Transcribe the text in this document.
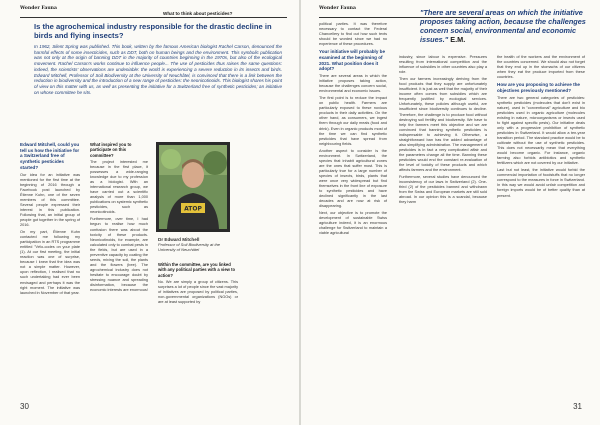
Wonder Fauna
What to think about pesticides?
Is the agrochemical industry responsible for the drastic decline in birds and flying insects?

In 1962, Silent Spring was published. This book, written by the famous American biologist Rachel Carson, denounced the harmful effects of some insecticides, such as DDT, both on human beings and the environment. This symbolic publication was not only at the origin of banning DDT in the majority of countries beginning in the 1970s, but also of the ecological movement. Rachel Carson's works continue to influence people... The use of pesticides thus raises the same questions: indeed, the scientists' observations are undeniable: the world is experiencing a severe reduction in its insects and birds. Edward Mitchell, Professor of Soil Biodiversity at the University of Neuchâtel, is convinced that there is a link between the reduction in biodiversity and the introduction of a new range of pesticides: the neonicotinoids. This biologist shares his point of view on this matter with us, as well as presenting the initiative for a Switzerland free of synthetic pesticides; an initiative on whose committee he sits.

Edward Mitchell, could you tell us how the initiative for a Switzerland free of synthetic pesticides started?

Our idea for an initiative was mentioned for the first time at the beginning of 2016 through a Facebook post launched by Étienne Kuhn, one of the seven members of this committee. Several people expressed their interest in this publication. Following that, an initial group of people got together in the spring of 2016.

On my part, Étienne Kuhn contacted me following my participation in an RTS programme entitled "Vélo-codes on your plate (1). At our first meeting, the initial reaction was one of surprise, because I knew that the idea was not a simple matter. However, upon reflection, I realised that no such undertaking had ever been envisaged and perhaps it was the right moment. The initiative was launched in November of that year.

What inspired you to participate on this committee?

The project interested me because in the first place, it possesses a wide-ranging knowledge due to my profession as a biologist. With an international research group, we have carried out a scientific analysis of more than 1,000 publications on systemic synthetic pesticides, such as neonicotinoids.

Furthermore, over time, I had begun to realise how much confusion there was about the toxicity of these products. Neonicotinoids, for example, are calculated only to combat pests in the fields, but are used in a preventive capacity by coating the seeds, mixing the soil, the plants and the flowers (bee). The agrochemical industry does not hesitate to encourage doubt by stressing nuance and spreading disinformation, because the economic interests are enormous!

ATOP
Dr Edward Mitchell
Professor of Soil Biodiversity at the University of Neuchâtel
Within the committee, are you linked with any political parties with a view to action?

No. We are simply a group of citizens. This surprises a lot of people since the vast majority of initiatives are proposed by political parties, non-governmental organizations (NGOs) or are at least supported by

30
Wonder Fauna	"There are several areas on which the initiative proposes taking action, because the challenges concern social, environmental and economic issues." E.M.

political parties. It was therefore necessary to contact the Federal Chancellery to find out how such texts should be worded since we had no experience of these procedures.

Your initiative will probably be examined at the beginning of 2021. What position does it adopt?

There are several areas in which the initiative proposes taking action, because the challenges concern social, environmental and economic issues.

The first point is to reduce the impact on public health. Farmers are particularly exposed to these noxious products in their daily activities. On the other hand, as consumers, we ingest them through our daily meals (food and drink). Even in organic products most of the time we can find synthetic pesticides that have spread from neighbouring fields.

Another aspect to consider is the environment. In Switzerland, the species that inhabit agricultural zones are the ones that suffer most. This is particularly true for a large number of species of insects, birds, plants that were once very widespread but find themselves in the front line of exposure to synthetic pesticides and have declined significantly in the last decades and are now at risk of disappearing.

Next, our objective is to promote the development of sustainable Swiss agriculture indeed, it is an enormous challenge for Switzerland to maintain a viable agricultural

industry, since labour is expensive. Pressures resulting from international competition and the influence of subsidies in other countries also play a role.

Then our farmers increasingly deriving from the food products that they supply are unfortunately insufficient. It is just as well that the majority of their income often comes from subsidies which are frequently justified by ecological services. Unfortunately, these policies although useful, are insufficient since biodiversity continues to decline. Therefore, the challenge is to produce food without destroying soil fertility and biodiversity. We have to help the farmers meet this objective and we are convinced that banning synthetic pesticides is indispensable to achieving it. Otherwise, a straightforward ban has the added advantage of also simplifying administration. The management of pesticides is in fact a very complicated affair and the parameters change all the time. Banning these pesticides would end the constant re-evaluation of the level of toxicity of these products and which affects farmers and the environment.

Furthermore, several studies have denounced the inconsistency of our laws in Switzerland (2). One-third (2) of the pesticides banned and withdrawn from the Swiss and European markets are still sold abroad. In our opinion this is a scandal, because they harm

the health of the workers and the environment of the countries concerned. We should also not forget that they end up in the stomachs of our citizens when they eat the produce imported from these countries.

How are you proposing to achieve the objectives previously mentioned?

There are two general categories of pesticides: synthetic pesticides (molecules that don't exist in nature), used in "conventional" agriculture and bio pesticides used in organic agriculture (molecules existing in nature, microorganisms or insects used to fight against specific pests). Our initiative deals only with a progressive prohibition of synthetic pesticides in Switzerland. It would allow a ten-year transition period. The standard practice would be to cultivate without the use of synthetic pesticides. This does not necessarily mean that everything would become organic. For instance, organic farming also forbids antibiotics and synthetic fertilizers which are not covered by our initiative.

Last but not least, the initiative would forbid the commercial importation of foodstuffs that no longer correspond to the measures in force in Switzerland. In this way we would avoid unfair competition and foreign imports would be of better quality than at present.

31
